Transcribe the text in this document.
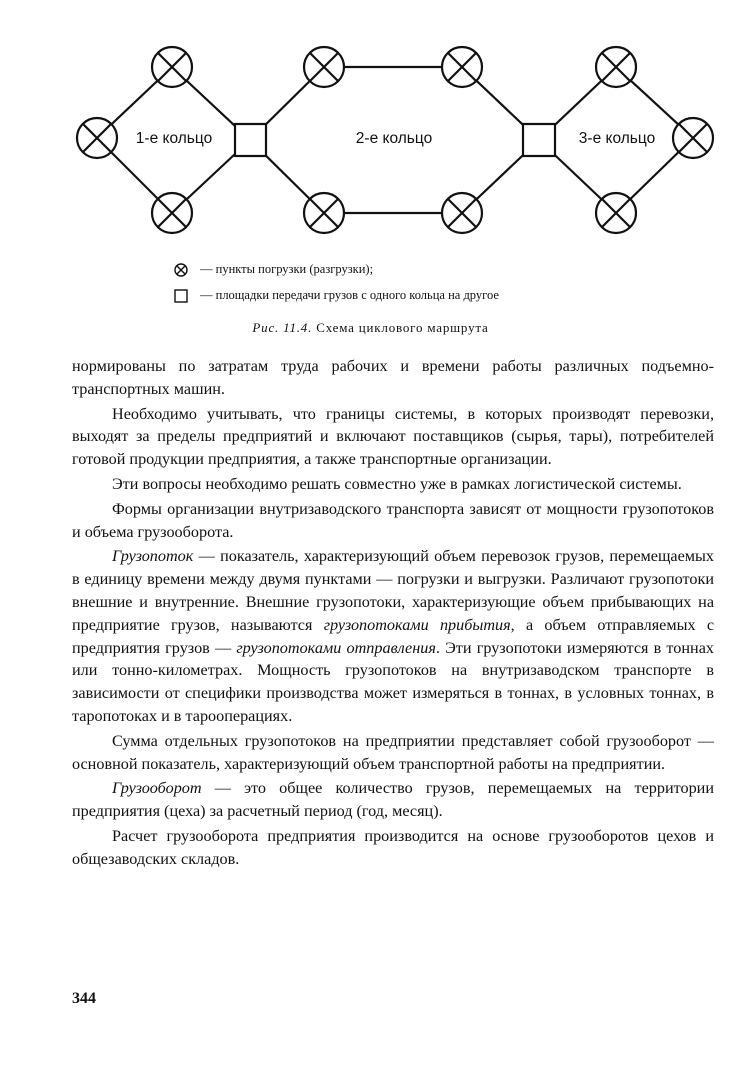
1-е кольцо	2-е кольцо	3-е кольцо
— пункты погрузки (разгрузки);
— площадки передачи грузов с одного кольца на другое
Рис. 11.4. Схема циклового маршрута

нормированы по затратам труда рабочих и времени работы различных подъемно-транспортных машин.

Необходимо учитывать, что границы системы, в которых производят перевозки, выходят за пределы предприятий и включают поставщиков (сырья, тары), потребителей готовой продукции предприятия, а также транспортные организации.

Эти вопросы необходимо решать совместно уже в рамках логистической системы.

Формы организации внутризаводского транспорта зависят от мощности грузопотоков и объема грузооборота.

Грузопоток — показатель, характеризующий объем перевозок грузов, перемещаемых в единицу времени между двумя пунктами — погрузки и выгрузки. Различают грузопотоки внешние и внутренние. Внешние грузопотоки, характеризующие объем прибывающих на предприятие грузов, называются грузопотоками прибытия, а объем отправляемых с предприятия грузов — грузопотоками отправления. Эти грузопотоки измеряются в тоннах или тонно-километрах. Мощность грузопотоков на внутризаводском транспорте в зависимости от специфики производства может измеряться в тоннах, в условных тоннах, в таропотоках и в тарооперациях.

Сумма отдельных грузопотоков на предприятии представляет собой грузооборот — основной показатель, характеризующий объем транспортной работы на предприятии.

Грузооборот — это общее количество грузов, перемещаемых на территории предприятия (цеха) за расчетный период (год, месяц).

Расчет грузооборота предприятия производится на основе грузооборотов цехов и общезаводских складов.

344
